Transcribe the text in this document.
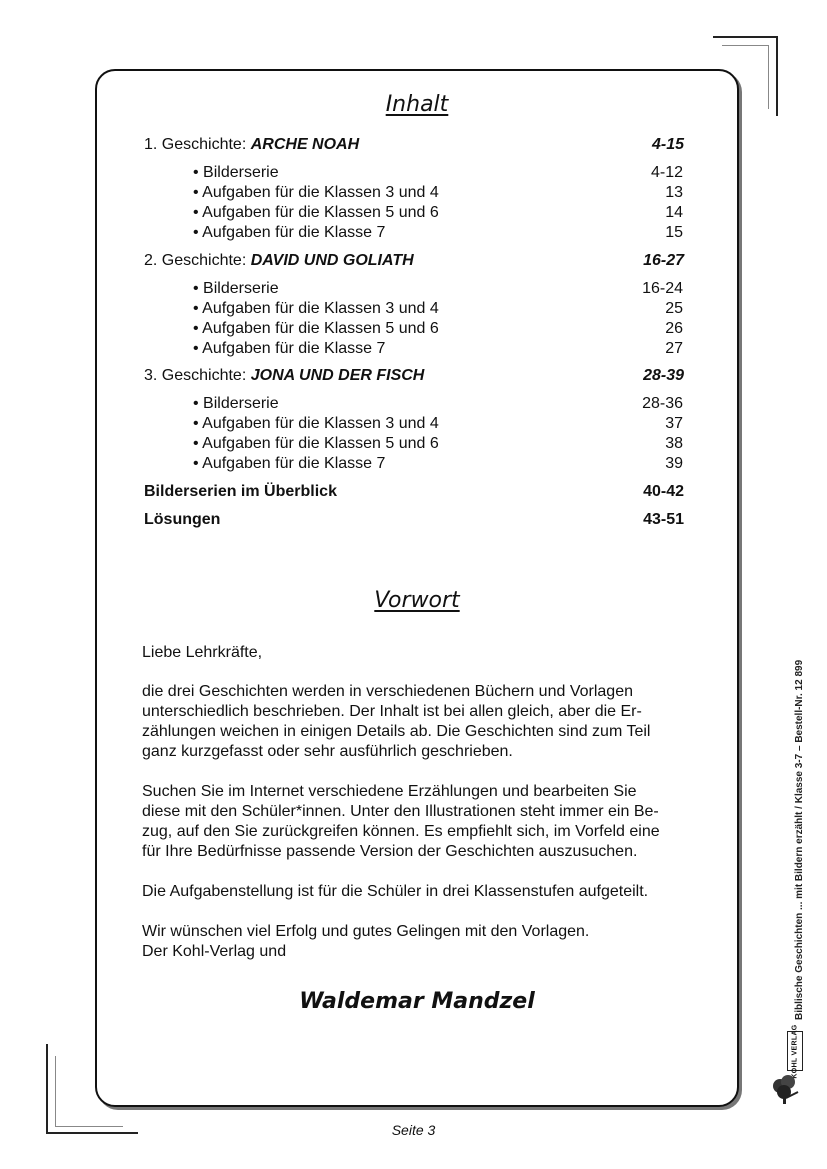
Inhalt
1. Geschichte: ARCHE NOAH	4-15
• Bilderserie	4-12
• Aufgaben für die Klassen 3 und 4	13
• Aufgaben für die Klassen 5 und 6	14
• Aufgaben für die Klasse 7	15
2. Geschichte: DAVID UND GOLIATH	16-27
• Bilderserie	16-24
• Aufgaben für die Klassen 3 und 4	25
• Aufgaben für die Klassen 5 und 6	26
• Aufgaben für die Klasse 7	27
3. Geschichte: JONA UND DER FISCH	28-39
• Bilderserie	28-36
• Aufgaben für die Klassen 3 und 4	37
• Aufgaben für die Klassen 5 und 6	38
• Aufgaben für die Klasse 7	39
Bilderserien im Überblick	40-42
Lösungen	43-51
Vorwort
Liebe Lehrkräfte,

die drei Geschichten werden in verschiedenen Büchern und Vorlagen

unterschiedlich beschrieben. Der Inhalt ist bei allen gleich, aber die Er-

zählungen weichen in einigen Details ab. Die Geschichten sind zum Teil

ganz kurzgefasst oder sehr ausführlich geschrieben.

Suchen Sie im Internet verschiedene Erzählungen und bearbeiten Sie

diese mit den Schüler*innen. Unter den Illustrationen steht immer ein Be-

zug, auf den Sie zurückgreifen können. Es empfiehlt sich, im Vorfeld eine

für Ihre Bedürfnisse passende Version der Geschichten auszusuchen.

Die Aufgabenstellung ist für die Schüler in drei Klassenstufen aufgeteilt.

Wir wünschen viel Erfolg und gutes Gelingen mit den Vorlagen.

Der Kohl-Verlag und

Waldemar Mandzel
Seite 3
Biblische Geschichten ... mit Bildern erzählt / Klasse 3-7 – Bestell-Nr. 12 899
KOHL VERLAG
